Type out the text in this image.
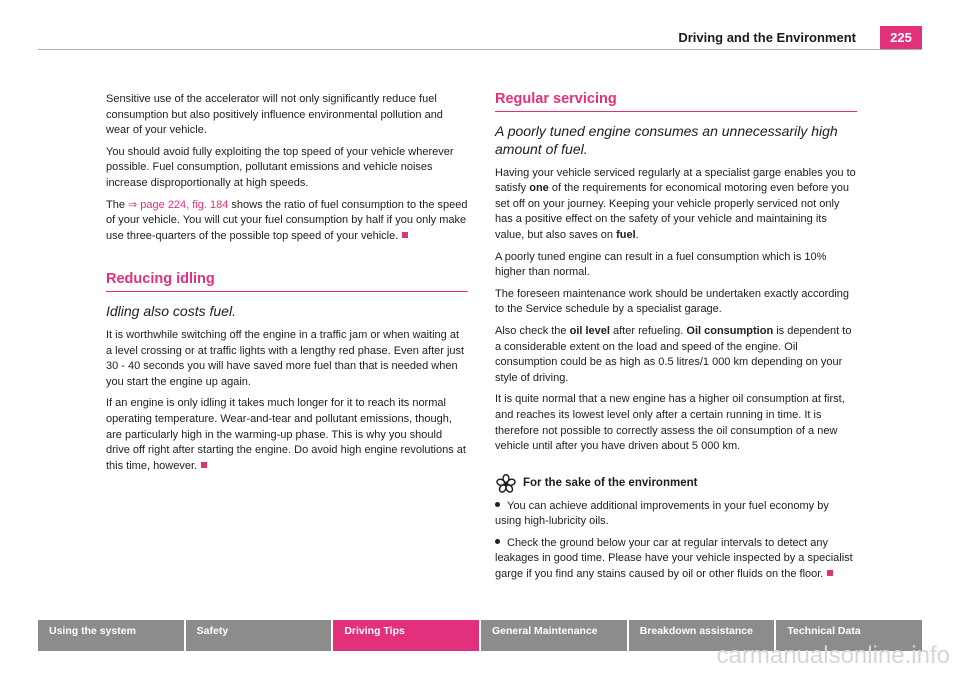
Driving and the Environment	225

Sensitive use of the accelerator will not only significantly reduce fuel consumption but also positively influence environmental pollution and wear of your vehicle.

You should avoid fully exploiting the top speed of your vehicle wherever possible. Fuel consumption, pollutant emissions and vehicle noises increase disproportionally at high speeds.

The ⇒ page 224, fig. 184 shows the ratio of fuel consumption to the speed of your vehicle. You will cut your fuel consumption by half if you only make use three-quarters of the possible top speed of your vehicle.

Reducing idling
Idling also costs fuel.

It is worthwhile switching off the engine in a traffic jam or when waiting at a level crossing or at traffic lights with a lengthy red phase. Even after just 30 - 40 seconds you will have saved more fuel than that is needed when you start the engine up again.

If an engine is only idling it takes much longer for it to reach its normal operating temperature. Wear-and-tear and pollutant emissions, though, are particularly high in the warming-up phase. This is why you should drive off right after starting the engine. Do avoid high engine revolutions at this time, however.

Regular servicing
A poorly tuned engine consumes an unnecessarily high amount of fuel.

Having your vehicle serviced regularly at a specialist garge enables you to satisfy one of the requirements for economical motoring even before you set off on your journey. Keeping your vehicle properly serviced not only has a positive effect on the safety of your vehicle and maintaining its value, but also saves on fuel.

A poorly tuned engine can result in a fuel consumption which is 10% higher than normal.

The foreseen maintenance work should be undertaken exactly according to the Service schedule by a specialist garage.

Also check the oil level after refueling. Oil consumption is dependent to a considerable extent on the load and speed of the engine. Oil consumption could be as high as 0.5 litres/1 000 km depending on your style of driving.

It is quite normal that a new engine has a higher oil consumption at first, and reaches its lowest level only after a certain running in time. It is therefore not possible to correctly assess the oil consumption of a new vehicle until after you have driven about 5 000 km.

For the sake of the environment

You can achieve additional improvements in your fuel economy by using high-lubricity oils.

Check the ground below your car at regular intervals to detect any leakages in good time. Please have your vehicle inspected by a specialist garge if you find any stains caused by oil or other fluids on the floor.

Using the system	Safety	Driving Tips	General Maintenance	Breakdown assistance	Technical Data
carmanualsonline.info
